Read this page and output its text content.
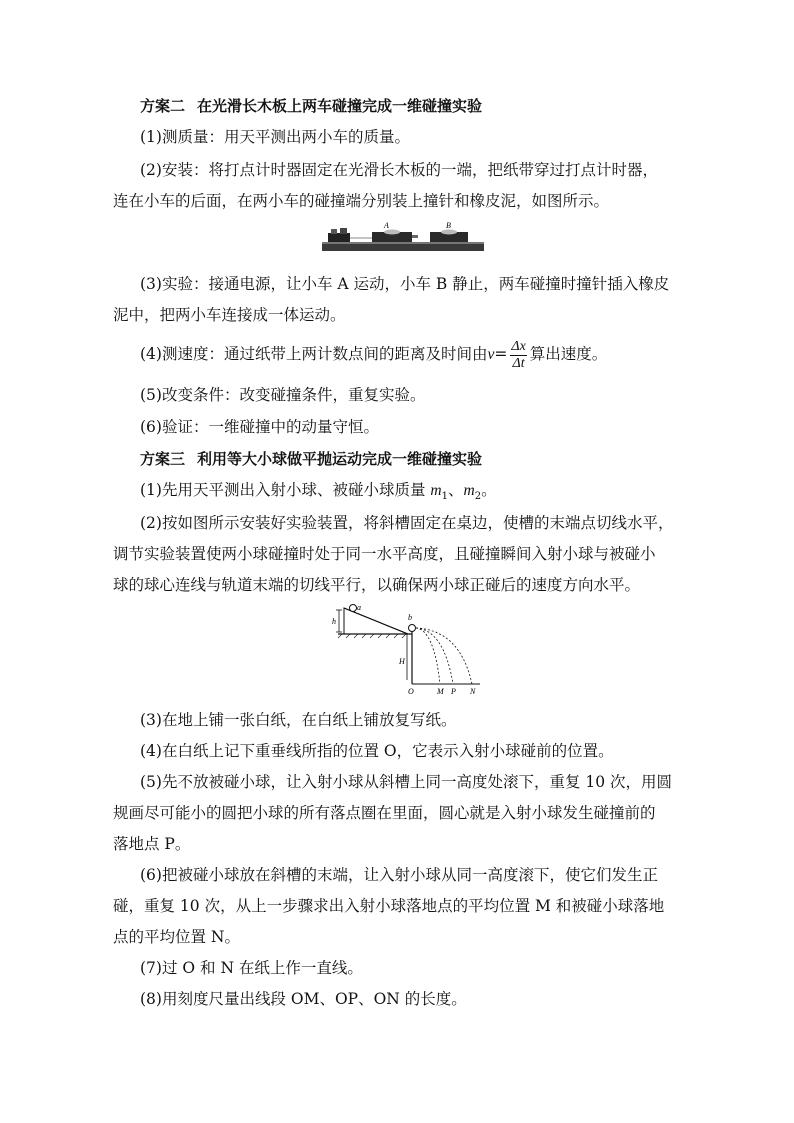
方案二 在光滑长木板上两车碰撞完成一维碰撞实验
(1)测质量：用天平测出两小车的质量。
(2)安装：将打点计时器固定在光滑长木板的一端，把纸带穿过打点计时器，
连在小车的后面，在两小车的碰撞端分别装上撞针和橡皮泥，如图所示。
A	B
(3)实验：接通电源，让小车 A 运动，小车 B 静止，两车碰撞时撞针插入橡皮
泥中，把两小车连接成一体运动。
(4)测速度：通过纸带上两计数点间的距离及时间由$v= \frac{\Delta x}{\Delta t}$ 算出速度。
(5)改变条件：改变碰撞条件，重复实验。
(6)验证：一维碰撞中的动量守恒。
方案三 利用等大小球做平抛运动完成一维碰撞实验
(1)先用天平测出入射小球、被碰小球质量 $m_1$、$m_2$。
(2)按如图所示安装好实验装置，将斜槽固定在桌边，使槽的末端点切线水平，
调节实验装置使两小球碰撞时处于同一水平高度，且碰撞瞬间入射小球与被碰小
球的球心连线与轨道末端的切线平行，以确保两小球正碰后的速度方向水平。
a
h	b
H
O	M P N
(3)在地上铺一张白纸，在白纸上铺放复写纸。
(4)在白纸上记下重垂线所指的位置 O，它表示入射小球碰前的位置。
(5)先不放被碰小球，让入射小球从斜槽上同一高度处滚下，重复 10 次，用圆
规画尽可能小的圆把小球的所有落点圈在里面，圆心就是入射小球发生碰撞前的
落地点 P。
(6)把被碰小球放在斜槽的末端，让入射小球从同一高度滚下，使它们发生正
碰，重复 10 次，从上一步骤求出入射小球落地点的平均位置 M 和被碰小球落地
点的平均位置 N。
(7)过 O 和 N 在纸上作一直线。
(8)用刻度尺量出线段 OM、OP、ON 的长度。
